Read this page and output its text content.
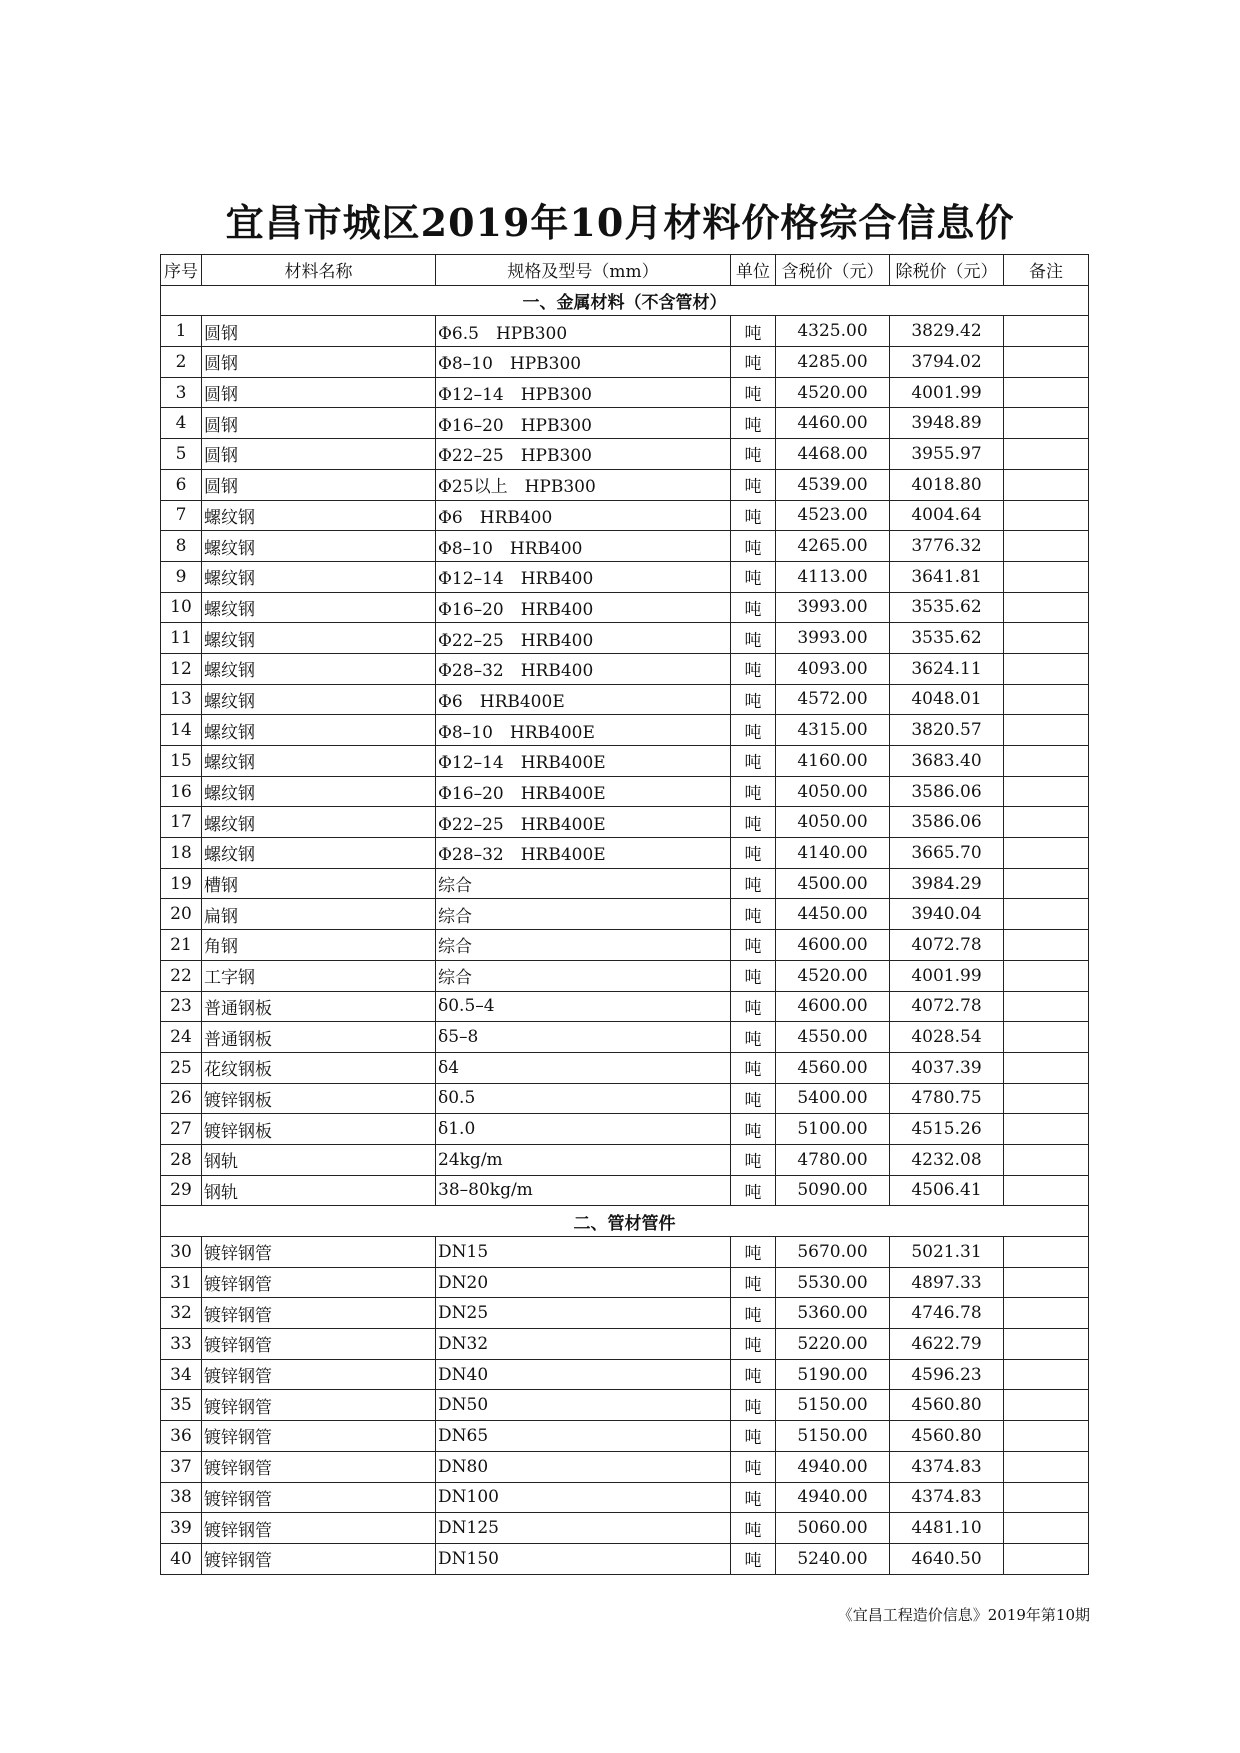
宜昌市城区2019年10月材料价格综合信息价
序号	材料名称	规格及型号（mm）	单位	含税价（元）	除税价（元）	备注
一、金属材料（不含管材）						
1	圆钢	Φ6.5　HPB300	吨	4325.00	3829.42	
2	圆钢	Φ8–10　HPB300	吨	4285.00	3794.02	
3	圆钢	Φ12–14　HPB300	吨	4520.00	4001.99	
4	圆钢	Φ16–20　HPB300	吨	4460.00	3948.89	
5	圆钢	Φ22–25　HPB300	吨	4468.00	3955.97	
6	圆钢	Φ25以上　HPB300	吨	4539.00	4018.80	
7	螺纹钢	Φ6　HRB400	吨	4523.00	4004.64	
8	螺纹钢	Φ8–10　HRB400	吨	4265.00	3776.32	
9	螺纹钢	Φ12–14　HRB400	吨	4113.00	3641.81	
10	螺纹钢	Φ16–20　HRB400	吨	3993.00	3535.62	
11	螺纹钢	Φ22–25　HRB400	吨	3993.00	3535.62	
12	螺纹钢	Φ28–32　HRB400	吨	4093.00	3624.11	
13	螺纹钢	Φ6　HRB400E	吨	4572.00	4048.01	
14	螺纹钢	Φ8–10　HRB400E	吨	4315.00	3820.57	
15	螺纹钢	Φ12–14　HRB400E	吨	4160.00	3683.40	
16	螺纹钢	Φ16–20　HRB400E	吨	4050.00	3586.06	
17	螺纹钢	Φ22–25　HRB400E	吨	4050.00	3586.06	
18	螺纹钢	Φ28–32　HRB400E	吨	4140.00	3665.70	
19	槽钢	综合	吨	4500.00	3984.29	
20	扁钢	综合	吨	4450.00	3940.04	
21	角钢	综合	吨	4600.00	4072.78	
22	工字钢	综合	吨	4520.00	4001.99	
23	普通钢板	δ0.5–4	吨	4600.00	4072.78	
24	普通钢板	δ5–8	吨	4550.00	4028.54	
25	花纹钢板	δ4	吨	4560.00	4037.39	
26	镀锌钢板	δ0.5	吨	5400.00	4780.75	
27	镀锌钢板	δ1.0	吨	5100.00	4515.26	
28	钢轨	24kg/m	吨	4780.00	4232.08	
29	钢轨	38–80kg/m	吨	5090.00	4506.41	
二、管材管件						
30	镀锌钢管	DN15	吨	5670.00	5021.31	
31	镀锌钢管	DN20	吨	5530.00	4897.33	
32	镀锌钢管	DN25	吨	5360.00	4746.78	
33	镀锌钢管	DN32	吨	5220.00	4622.79	
34	镀锌钢管	DN40	吨	5190.00	4596.23	
35	镀锌钢管	DN50	吨	5150.00	4560.80	
36	镀锌钢管	DN65	吨	5150.00	4560.80	
37	镀锌钢管	DN80	吨	4940.00	4374.83	
38	镀锌钢管	DN100	吨	4940.00	4374.83	
39	镀锌钢管	DN125	吨	5060.00	4481.10	
40	镀锌钢管	DN150	吨	5240.00	4640.50	
《宜昌工程造价信息》2019年第10期
